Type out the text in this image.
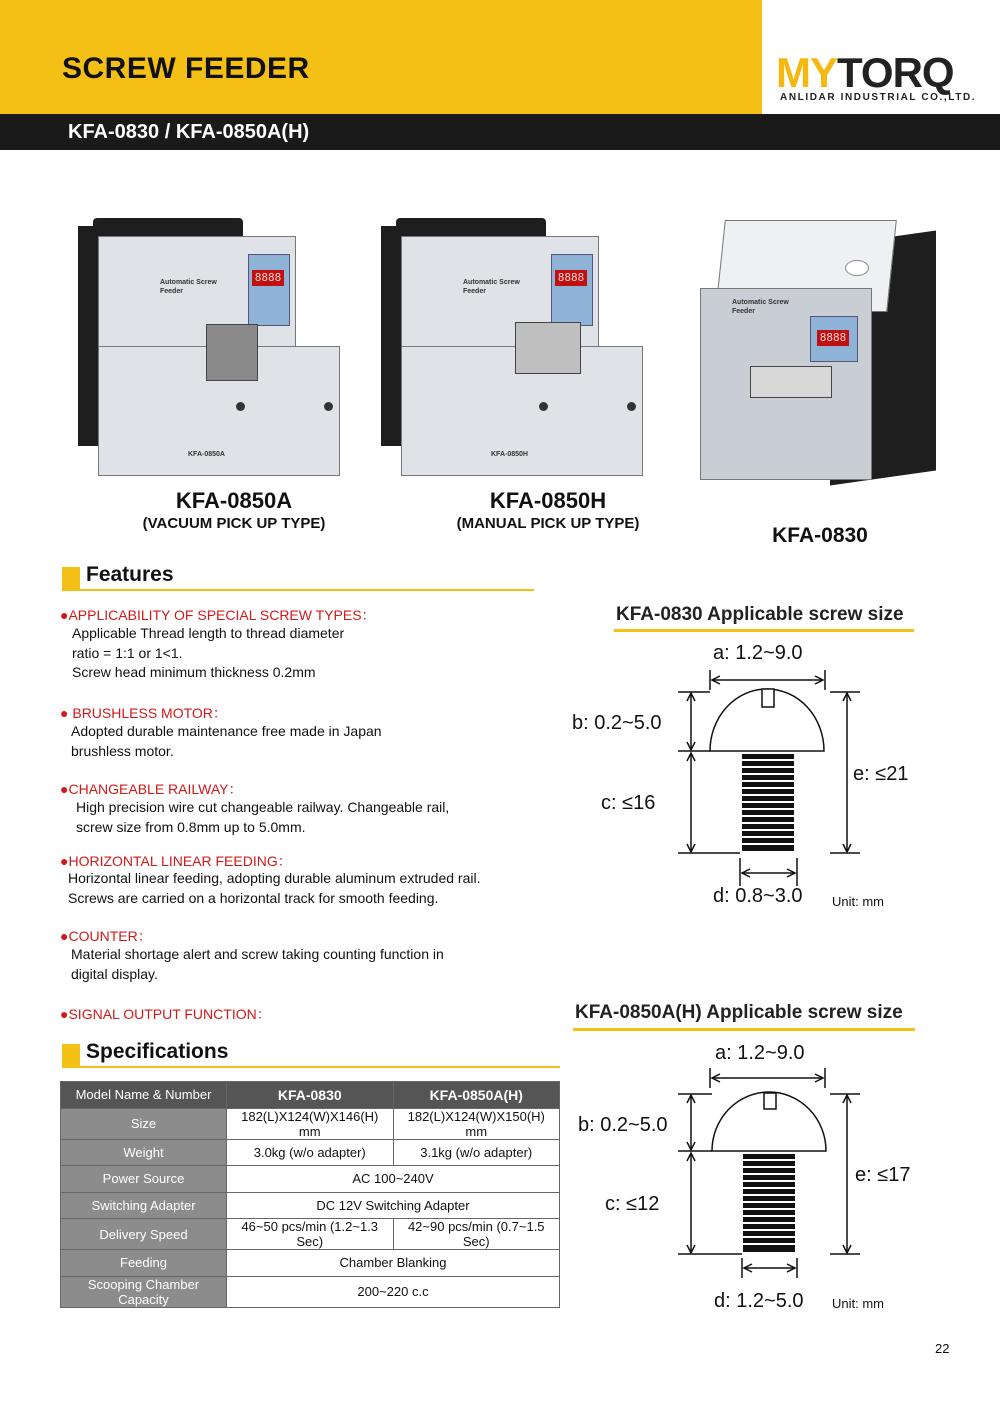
SCREW FEEDER	MYTORQ
ANLIDAR INDUSTRIAL CO.,LTD.
KFA-0830 / KFA-0850A(H)
8888
Automatic Screw Feeder
KFA-0850A
8888
Automatic Screw Feeder
KFA-0850H
8888
Automatic Screw Feeder
KFA-0850A
(VACUUM PICK UP TYPE)
KFA-0850H
(MANUAL PICK UP TYPE)
KFA-0830
Features
●APPLICABILITY OF SPECIAL SCREW TYPES：
Applicable Thread length to thread diameter
ratio = 1:1 or 1<1.
Screw head minimum thickness 0.2mm
● BRUSHLESS MOTOR：
Adopted durable maintenance free made in Japan
brushless motor.
●CHANGEABLE RAILWAY：
High precision wire cut changeable railway. Changeable rail,
screw size from 0.8mm up to 5.0mm.
●HORIZONTAL LINEAR FEEDING：
Horizontal linear feeding, adopting durable aluminum extruded rail.
Screws are carried on a horizontal track for smooth feeding.
●COUNTER：
Material shortage alert and screw taking counting function in
digital display.
●SIGNAL OUTPUT FUNCTION：
KFA-0830 Applicable screw size
a: 1.2~9.0
b: 0.2~5.0
c: ≤16
e: ≤21
d: 0.8~3.0 Unit: mm
KFA-0850A(H) Applicable screw size
a: 1.2~9.0
b: 0.2~5.0
c: ≤12
e: ≤17
d: 1.2~5.0 Unit: mm
Specifications
Model Name & Number	KFA-0830	KFA-0850A(H)
Size	182(L)X124(W)X146(H) mm	182(L)X124(W)X150(H) mm
Weight	3.0kg (w/o adapter)	3.1kg (w/o adapter)
Power Source	AC 100~240V	
Switching Adapter	DC 12V Switching Adapter	
Delivery Speed	46~50 pcs/min (1.2~1.3 Sec)	42~90 pcs/min (0.7~1.5 Sec)
Feeding	Chamber Blanking	
Scooping Chamber Capacity	200~220 c.c	
22
